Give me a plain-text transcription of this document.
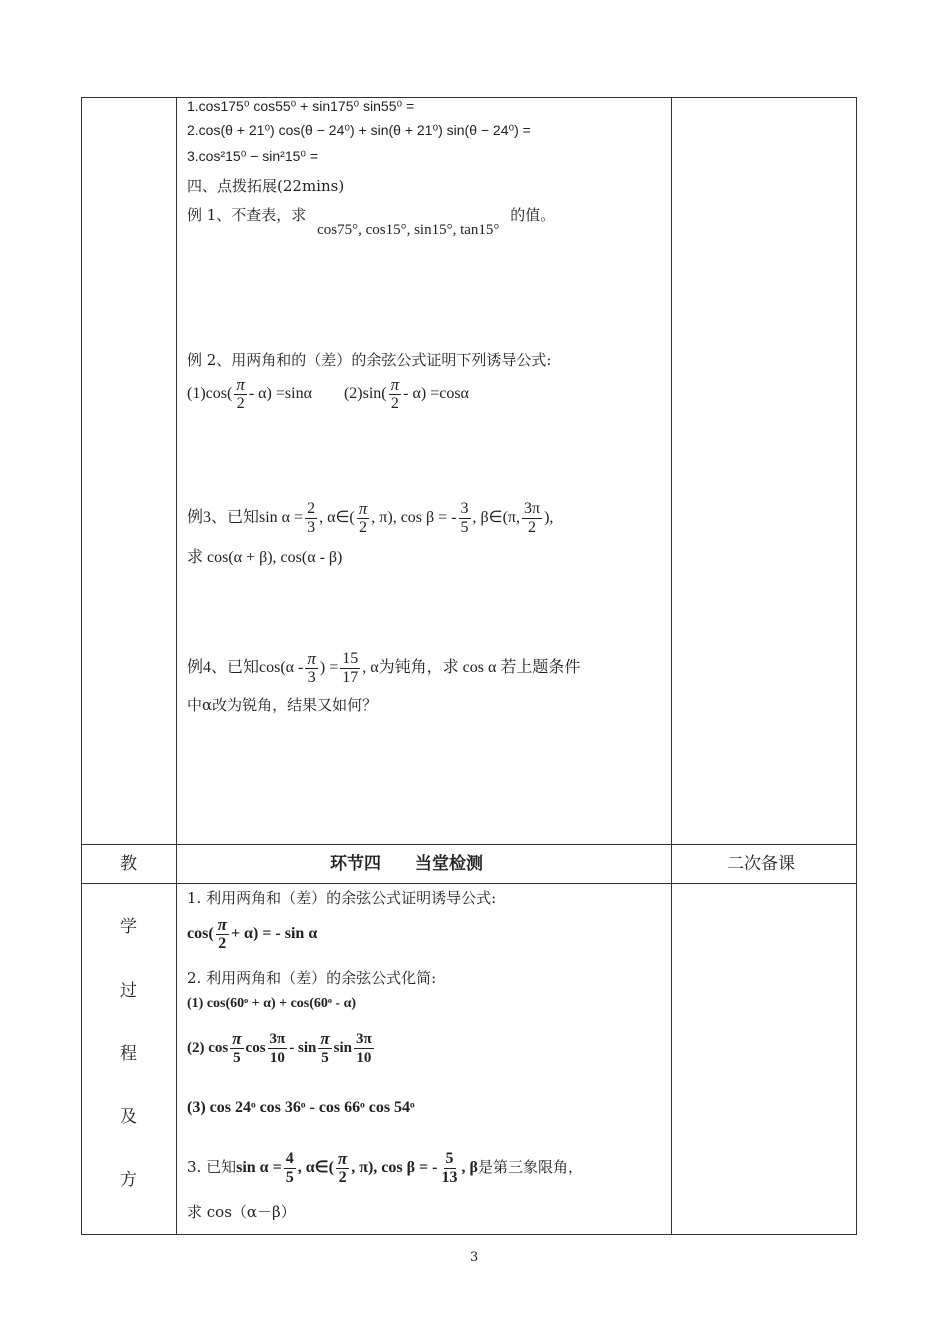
1.cos175⁰ cos55⁰ + sin175⁰ sin55⁰ =
2.cos(θ + 21⁰) cos(θ − 24⁰) + sin(θ + 21⁰) sin(θ − 24⁰) =
3.cos²15⁰ − sin²15⁰ =
四、点拨拓展(22mins)
例 1、不查表，求 cos75°, cos15°, sin15°, tan15° 的值。
例 2、用两角和的（差）的余弦公式证明下列诱导公式:
$(1)\cos( \frac{\pi}{2} - \alpha) =\sin\alpha$ $(2)\sin( \frac{\pi}{2} - \alpha) =\cos\alpha$
例3、已知$\sin \alpha = \frac{2}{3}$ , α∈( $\frac{\pi}{2}$ , π), cos β = - $\frac{3}{5}$ , β∈(π, $\frac{3\pi}{2}$ ),
求 cos(α + β), cos(α - β)
例4、已知$\cos(\alpha - \frac{\pi}{3}$ ) = $\frac{15}{17}$ , α为钝角，求 cos α 若上题条件
中α改为锐角，结果又如何？
环节四　　当堂检测	二次备课
教
学
过
程
及
方
1. 利用两角和（差）的余弦公式证明诱导公式:
$\cos( \frac{\pi}{2} + \alpha)$ = - sin α
2. 利用两角和（差）的余弦公式化简:
(1) cos(60ᵒ + α) + cos(60ᵒ - α)
(2) $\cos \frac{\pi}{5}$ $\cos \frac{3\pi}{10}$ - $\sin \frac{\pi}{5}$ $\sin \frac{3\pi}{10}$
(3) cos 24ᵒ cos 36ᵒ - cos 66ᵒ cos 54ᵒ
3. 已知$\sin \alpha = \frac{4}{5}$ , α∈( $\frac{\pi}{2}$ , π), cos β = - $\frac{5}{13}$ , β是第三象限角，
求 cos（α－β）
3
